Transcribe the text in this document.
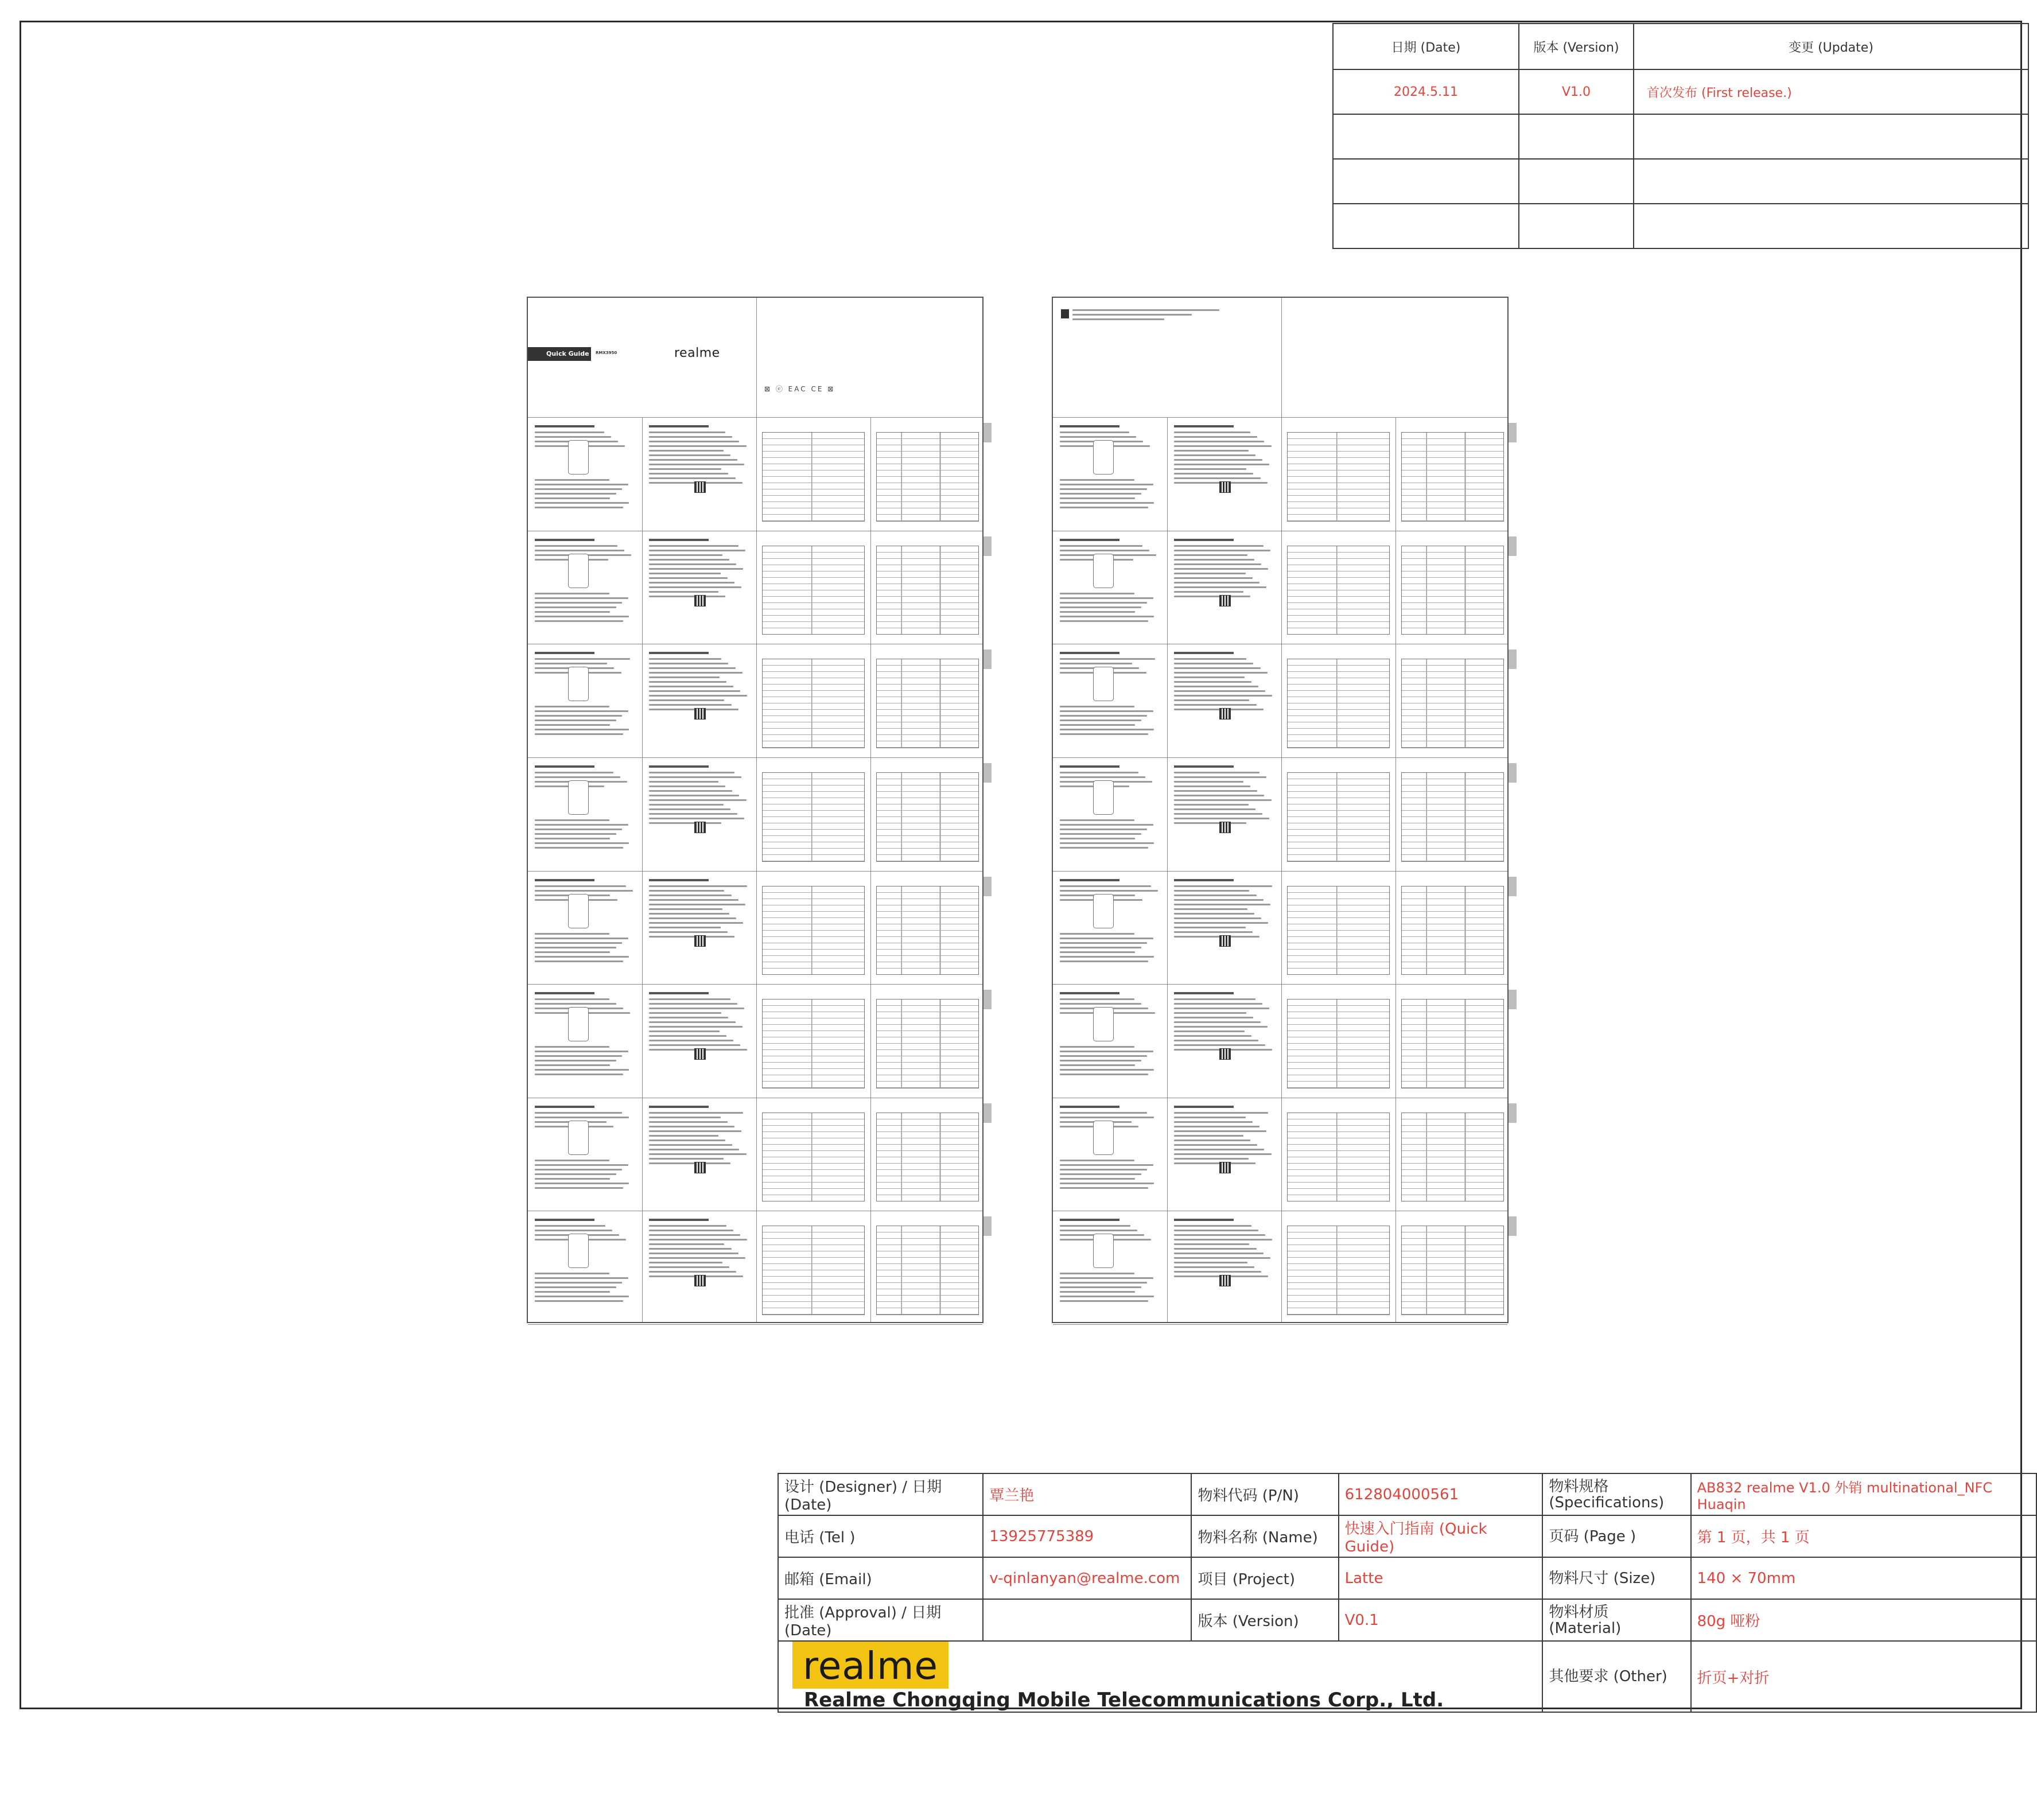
日期 (Date)	版本 (Version)	变更 (Update)
2024.5.11	V1.0	首次发布 (First release.)

Quick Guide	RMX3950	realme
⊠ ⓔ EAC CE ⊠
设计 (Designer) / 日期 (Date)	覃兰艳	物料代码 (P/N)	612804000561	物料规格 (Specifications)	AB832 realme V1.0 外销 multinational_NFC Huaqin
电话 (Tel )	13925775389	物料名称 (Name)	快速入门指南 (Quick Guide)	页码 (Page )	第 1 页，共 1 页
邮箱 (Email)	v-qinlanyan@realme.com	项目 (Project)	Latte	物料尺寸 (Size)	140 × 70mm
批准 (Approval) / 日期 (Date)		版本 (Version)	V0.1	物料材质 (Material)	80g 哑粉

realme
Realme Chongqing Mobile Telecommunications Corp., Ltd.				其他要求 (Other)	折页+对折
